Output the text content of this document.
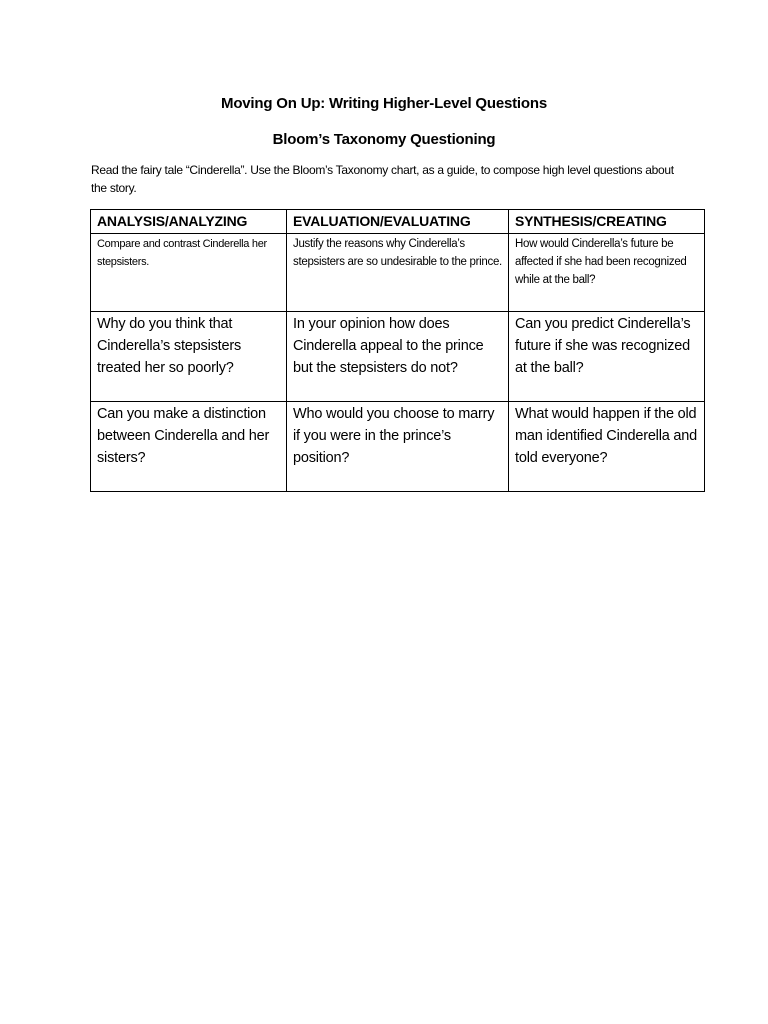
Moving On Up: Writing Higher-Level Questions
Bloom’s Taxonomy Questioning
Read the fairy tale “Cinderella”. Use the Bloom’s Taxonomy chart, as a guide, to compose high level questions about the story.
ANALYSIS/ANALYZING	EVALUATION/EVALUATING	SYNTHESIS/CREATING
Compare and contrast Cinderella her stepsisters.	Justify the reasons why Cinderella’s stepsisters are so undesirable to the prince.	How would Cinderella’s future be affected if she had been recognized while at the ball?
Why do you think that Cinderella’s stepsisters treated her so poorly?	In your opinion how does Cinderella appeal to the prince but the stepsisters do not?	Can you predict Cinderella’s future if she was recognized at the ball?
Can you make a distinction between Cinderella and her sisters?	Who would you choose to marry if you were in the prince’s position?	What would happen if the old man identified Cinderella and told everyone?
